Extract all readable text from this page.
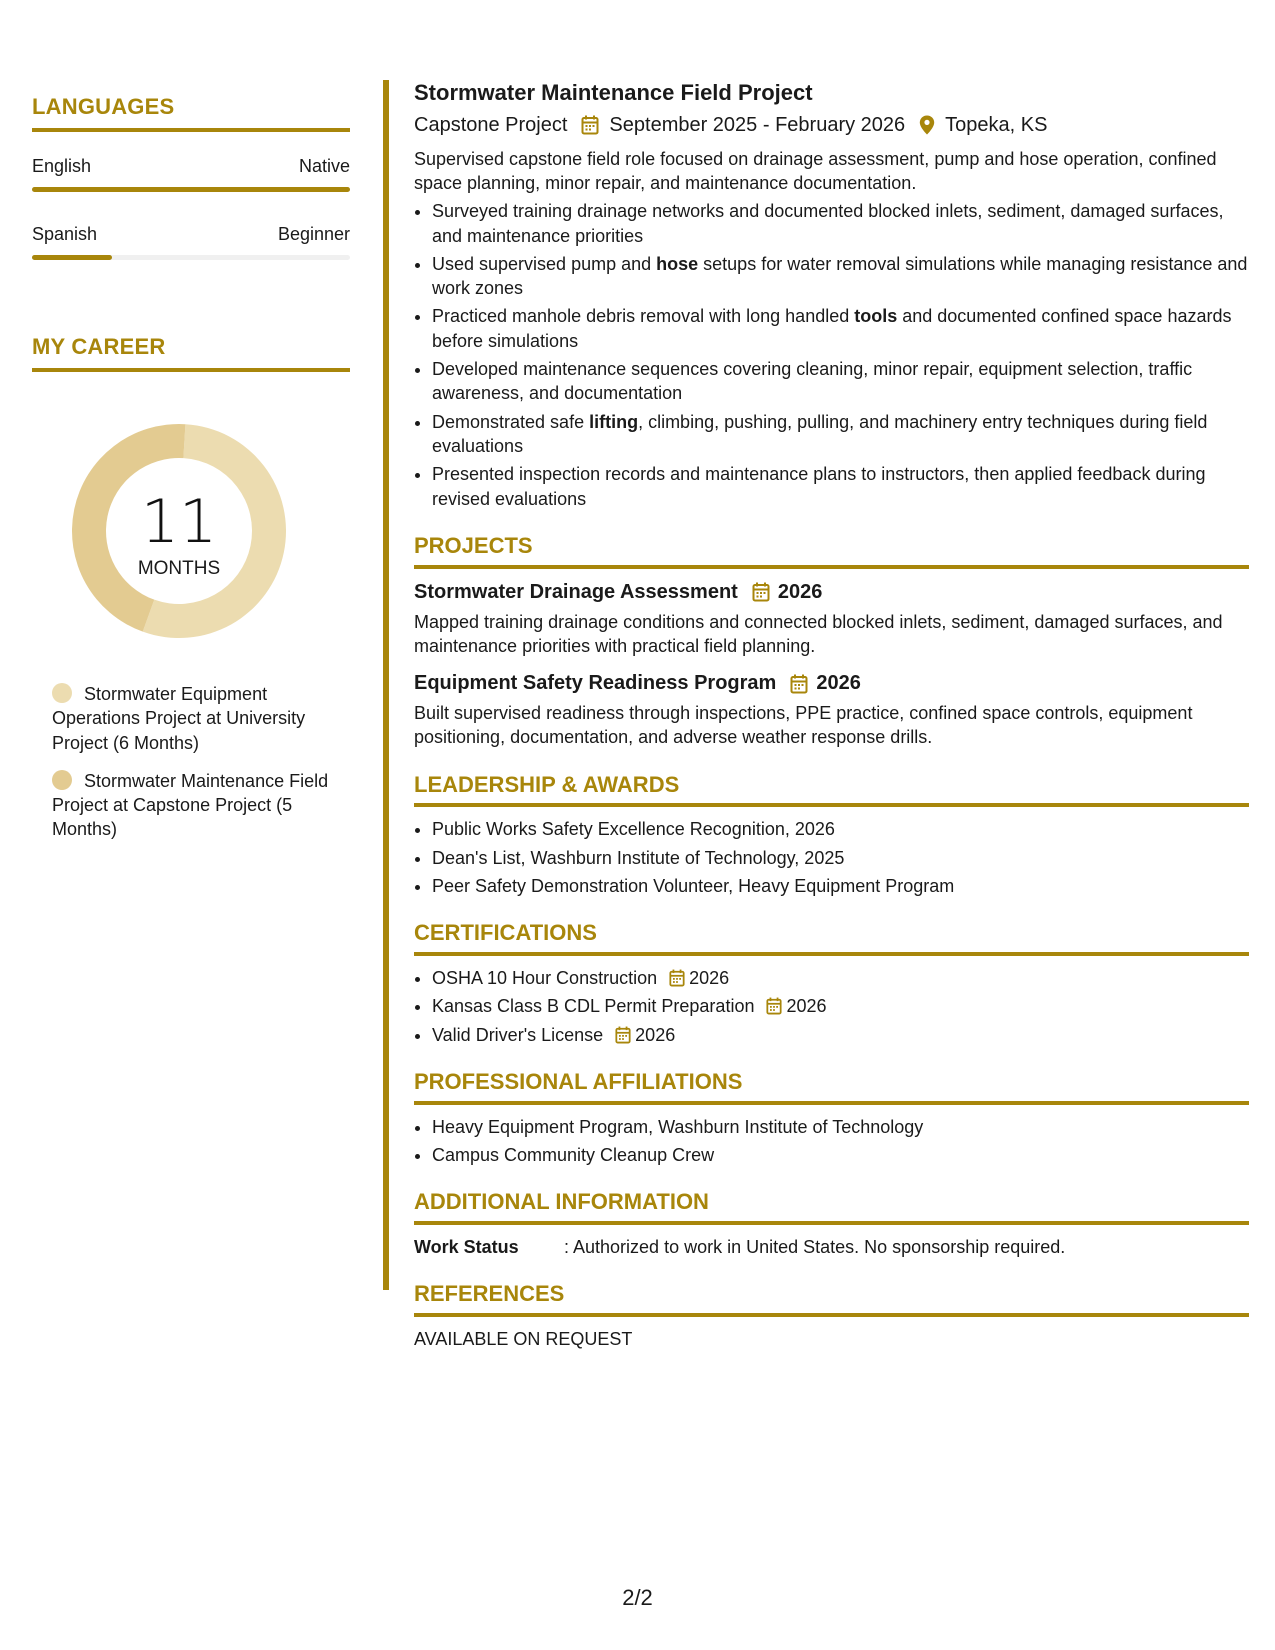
LANGUAGES
English	Native
Spanish	Beginner
MY CAREER
11
MONTHS
Stormwater Equipment Operations Project at University Project (6 Months)
Stormwater Maintenance Field Project at Capstone Project (5 Months)
Stormwater Maintenance Field Project
Capstone Project September 2025 - February 2026 Topeka, KS
Supervised capstone field role focused on drainage assessment, pump and hose operation, confined space planning, minor repair, and maintenance documentation.
• Surveyed training drainage networks and documented blocked inlets, sediment, damaged surfaces, and maintenance priorities
• Used supervised pump and hose setups for water removal simulations while managing resistance and work zones
• Practiced manhole debris removal with long handled tools and documented confined space hazards before simulations
• Developed maintenance sequences covering cleaning, minor repair, equipment selection, traffic awareness, and documentation
• Demonstrated safe lifting, climbing, pushing, pulling, and machinery entry techniques during field evaluations
• Presented inspection records and maintenance plans to instructors, then applied feedback during revised evaluations
PROJECTS
Stormwater Drainage Assessment 2026
Mapped training drainage conditions and connected blocked inlets, sediment, damaged surfaces, and maintenance priorities with practical field planning.
Equipment Safety Readiness Program 2026
Built supervised readiness through inspections, PPE practice, confined space controls, equipment positioning, documentation, and adverse weather response drills.
LEADERSHIP & AWARDS
• Public Works Safety Excellence Recognition, 2026
• Dean's List, Washburn Institute of Technology, 2025
• Peer Safety Demonstration Volunteer, Heavy Equipment Program
CERTIFICATIONS
• OSHA 10 Hour Construction 2026
• Kansas Class B CDL Permit Preparation 2026
• Valid Driver's License 2026
PROFESSIONAL AFFILIATIONS
• Heavy Equipment Program, Washburn Institute of Technology
• Campus Community Cleanup Crew
ADDITIONAL INFORMATION
Work Status	: Authorized to work in United States. No sponsorship required.
REFERENCES
AVAILABLE ON REQUEST
2/2
